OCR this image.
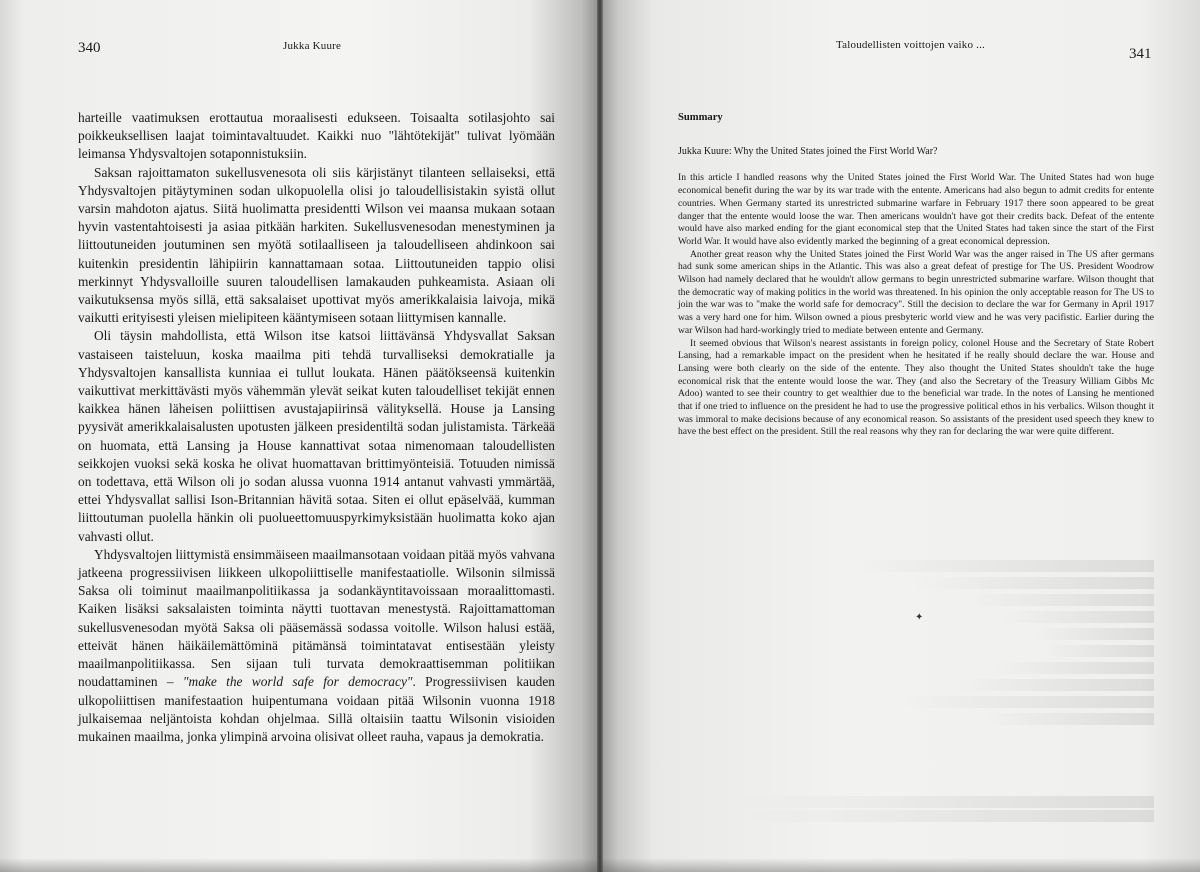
340	Jukka Kuure

harteille vaatimuksen erottautua moraalisesti edukseen. Toisaalta sotilasjohto sai poikkeuksellisen laajat toimintavaltuudet. Kaikki nuo "lähtötekijät" tulivat lyömään leimansa Yhdysvaltojen sotaponnistuksiin.

Saksan rajoittamaton sukellusvenesota oli siis kärjistänyt tilanteen sellaiseksi, että Yhdysvaltojen pitäytyminen sodan ulkopuolella olisi jo taloudellisistakin syistä ollut varsin mahdoton ajatus. Siitä huolimatta presidentti Wilson vei maansa mukaan sotaan hyvin vastentahtoisesti ja asiaa pitkään harkiten. Sukellusvenesodan menestyminen ja liittoutuneiden joutuminen sen myötä sotilaalliseen ja taloudelliseen ahdinkoon sai kuitenkin presidentin lähipiirin kannattamaan sotaa. Liittoutuneiden tappio olisi merkinnyt Yhdysvalloille suuren taloudellisen lamakauden puhkeamista. Asiaan oli vaikutuksensa myös sillä, että saksalaiset upottivat myös amerikkalaisia laivoja, mikä vaikutti erityisesti yleisen mielipiteen kääntymiseen sotaan liittymisen kannalle.

Oli täysin mahdollista, että Wilson itse katsoi liittävänsä Yhdysvallat Saksan vastaiseen taisteluun, koska maailma piti tehdä turvalliseksi demokratialle ja Yhdysvaltojen kansallista kunniaa ei tullut loukata. Hänen päätökseensä kuitenkin vaikuttivat merkittävästi myös vähemmän ylevät seikat kuten taloudelliset tekijät ennen kaikkea hänen läheisen poliittisen avustajapiirinsä välityksellä. House ja Lansing pyysivät amerikkalaisalusten upotusten jälkeen presidentiltä sodan julistamista. Tärkeää on huomata, että Lansing ja House kannattivat sotaa nimenomaan taloudellisten seikkojen vuoksi sekä koska he olivat huomattavan brittimyönteisiä. Totuuden nimissä on todettava, että Wilson oli jo sodan alussa vuonna 1914 antanut vahvasti ymmärtää, ettei Yhdysvallat sallisi Ison-Britannian hävitä sotaa. Siten ei ollut epäselvää, kumman liittoutuman puolella hänkin oli puolueettomuuspyrkimyksistään huolimatta koko ajan vahvasti ollut.

Yhdysvaltojen liittymistä ensimmäiseen maailmansotaan voidaan pitää myös vahvana jatkeena progressiivisen liikkeen ulkopoliittiselle manifestaatiolle. Wilsonin silmissä Saksa oli toiminut maailmanpolitiikassa ja sodankäyntitavoissaan moraalittomasti. Kaiken lisäksi saksalaisten toiminta näytti tuottavan menestystä. Rajoittamattoman sukellusvenesodan myötä Saksa oli pääsemässä sodassa voitolle. Wilson halusi estää, etteivät hänen häikäilemättöminä pitämänsä toimintatavat entisestään yleisty maailmanpolitiikassa. Sen sijaan tuli turvata demokraattisemman politiikan noudattaminen – "make the world safe for democracy". Progressiivisen kauden ulkopoliittisen manifestaation huipentumana voidaan pitää Wilsonin vuonna 1918 julkaisemaa neljäntoista kohdan ohjelmaa. Sillä oltaisiin taattu Wilsonin visioiden mukainen maailma, jonka ylimpinä arvoina olisivat olleet rauha, vapaus ja demokratia.

Taloudellisten voittojen vaiko ...
341
Summary
Jukka Kuure: Why the United States joined the First World War?

In this article I handled reasons why the United States joined the First World War. The United States had won huge economical benefit during the war by its war trade with the entente. Americans had also begun to admit credits for entente countries. When Germany started its unrestricted submarine warfare in February 1917 there soon appeared to be great danger that the entente would loose the war. Then americans wouldn't have got their credits back. Defeat of the entente would have also marked ending for the giant economical step that the United States had taken since the start of the First World War. It would have also evidently marked the beginning of a great economical depression.

Another great reason why the United States joined the First World War was the anger raised in The US after germans had sunk some american ships in the Atlantic. This was also a great defeat of prestige for The US. President Woodrow Wilson had namely declared that he wouldn't allow germans to begin unrestricted submarine warfare. Wilson thought that the democratic way of making politics in the world was threatened. In his opinion the only acceptable reason for The US to join the war was to "make the world safe for democracy". Still the decision to declare the war for Germany in April 1917 was a very hard one for him. Wilson owned a pious presbyteric world view and he was very pacifistic. Earlier during the war Wilson had hard-workingly tried to mediate between entente and Germany.

It seemed obvious that Wilson's nearest assistants in foreign policy, colonel House and the Secretary of State Robert Lansing, had a remarkable impact on the president when he hesitated if he really should declare the war. House and Lansing were both clearly on the side of the entente. They also thought the United States shouldn't take the huge economical risk that the entente would loose the war. They (and also the Secretary of the Treasury William Gibbs Mc Adoo) wanted to see their country to get wealthier due to the beneficial war trade. In the notes of Lansing he mentioned that if one tried to influence on the president he had to use the progressive political ethos in his verbalics. Wilson thought it was immoral to make decisions because of any economical reason. So assistants of the president used speech they knew to have the best effect on the president. Still the real reasons why they ran for declaring the war were quite different.

✦
